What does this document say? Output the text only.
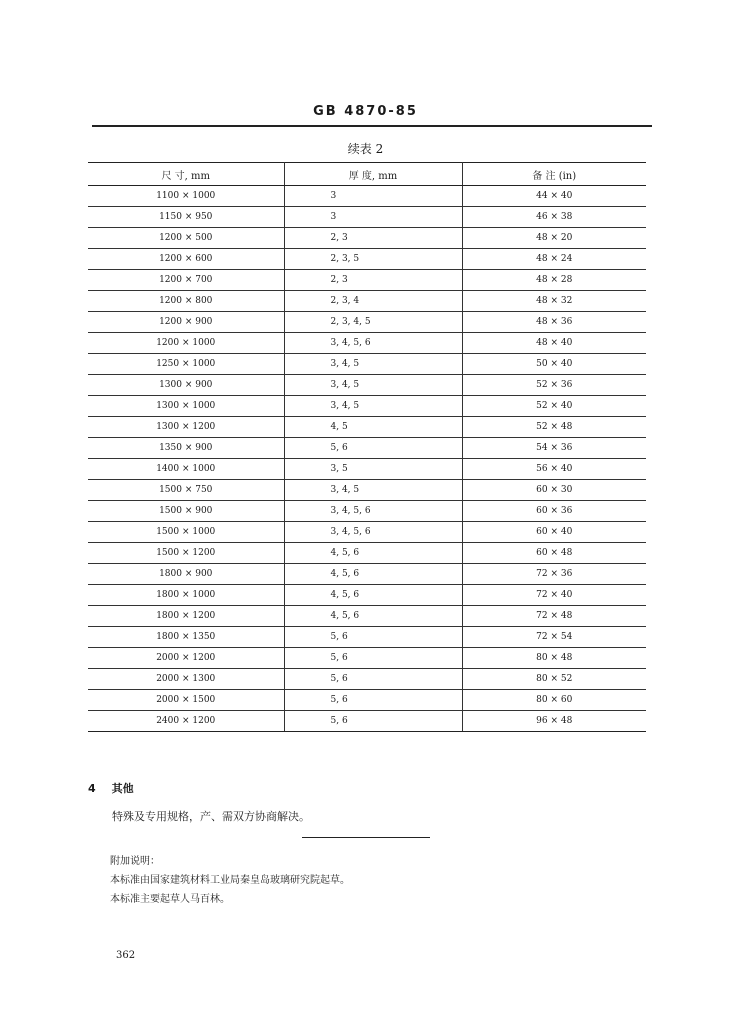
GB 4870-85
续表 2
尺 寸, mm	厚 度, mm	备 注 (in)
1100 × 1000	3	44 × 40
1150 × 950	3	46 × 38
1200 × 500	2, 3	48 × 20
1200 × 600	2, 3, 5	48 × 24
1200 × 700	2, 3	48 × 28
1200 × 800	2, 3, 4	48 × 32
1200 × 900	2, 3, 4, 5	48 × 36
1200 × 1000	3, 4, 5, 6	48 × 40
1250 × 1000	3, 4, 5	50 × 40
1300 × 900	3, 4, 5	52 × 36
1300 × 1000	3, 4, 5	52 × 40
1300 × 1200	4, 5	52 × 48
1350 × 900	5, 6	54 × 36
1400 × 1000	3, 5	56 × 40
1500 × 750	3, 4, 5	60 × 30
1500 × 900	3, 4, 5, 6	60 × 36
1500 × 1000	3, 4, 5, 6	60 × 40
1500 × 1200	4, 5, 6	60 × 48
1800 × 900	4, 5, 6	72 × 36
1800 × 1000	4, 5, 6	72 × 40
1800 × 1200	4, 5, 6	72 × 48
1800 × 1350	5, 6	72 × 54
2000 × 1200	5, 6	80 × 48
2000 × 1300	5, 6	80 × 52
2000 × 1500	5, 6	80 × 60
2400 × 1200	5, 6	96 × 48
4 其他
特殊及专用规格，产、需双方协商解决。
附加说明：
本标准由国家建筑材料工业局秦皇岛玻璃研究院起草。
本标准主要起草人马百林。
362
